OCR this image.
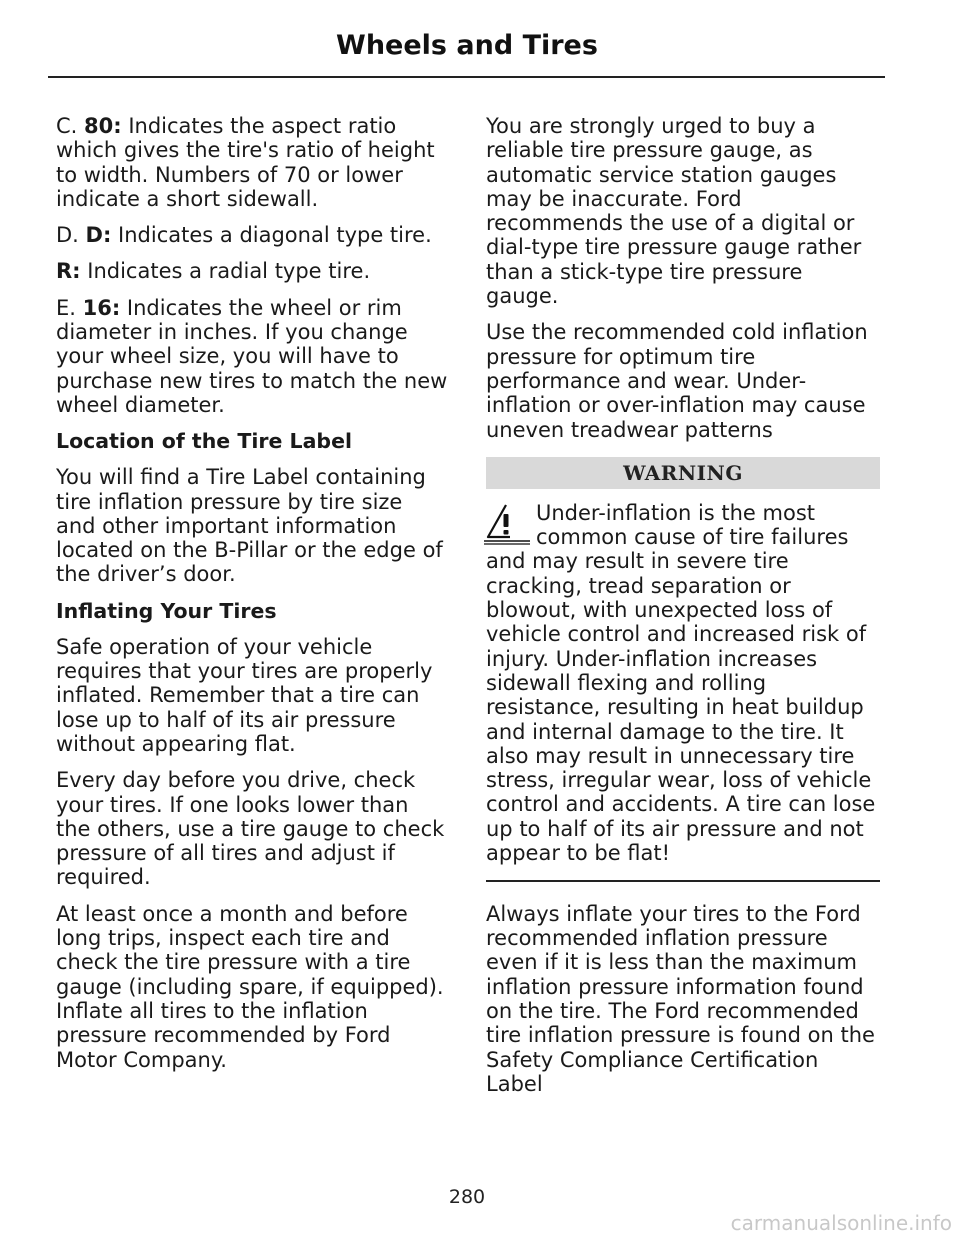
Wheels and Tires

C. 80: Indicates the aspect ratio which gives the tire's ratio of height to width. Numbers of 70 or lower indicate a short sidewall.

D. D: Indicates a diagonal type tire.

R: Indicates a radial type tire.

E. 16: Indicates the wheel or rim diameter in inches. If you change your wheel size, you will have to purchase new tires to match the new wheel diameter.

Location of the Tire Label

You will find a Tire Label containing tire inflation pressure by tire size and other important information located on the B-Pillar or the edge of the driver’s door.

Inflating Your Tires

Safe operation of your vehicle requires that your tires are properly inflated. Remember that a tire can lose up to half of its air pressure without appearing flat.

Every day before you drive, check your tires. If one looks lower than the others, use a tire gauge to check pressure of all tires and adjust if required.

At least once a month and before long trips, inspect each tire and check the tire pressure with a tire gauge (including spare, if equipped). Inflate all tires to the inflation pressure recommended by Ford Motor Company.

You are strongly urged to buy a reliable tire pressure gauge, as automatic service station gauges may be inaccurate. Ford recommends the use of a digital or dial-type tire pressure gauge rather than a stick-type tire pressure gauge.

Use the recommended cold inflation pressure for optimum tire performance and wear. Under-inflation or over-inflation may cause uneven treadwear patterns

WARNING

Under-inflation is the most common cause of tire failures and may result in severe tire cracking, tread separation or blowout, with unexpected loss of vehicle control and increased risk of injury. Under-inflation increases sidewall flexing and rolling resistance, resulting in heat buildup and internal damage to the tire. It also may result in unnecessary tire stress, irregular wear, loss of vehicle control and accidents. A tire can lose up to half of its air pressure and not appear to be flat!

Always inflate your tires to the Ford recommended inflation pressure even if it is less than the maximum inflation pressure information found on the tire. The Ford recommended tire inflation pressure is found on the Safety Compliance Certification Label

280
carmanualsonline.info
